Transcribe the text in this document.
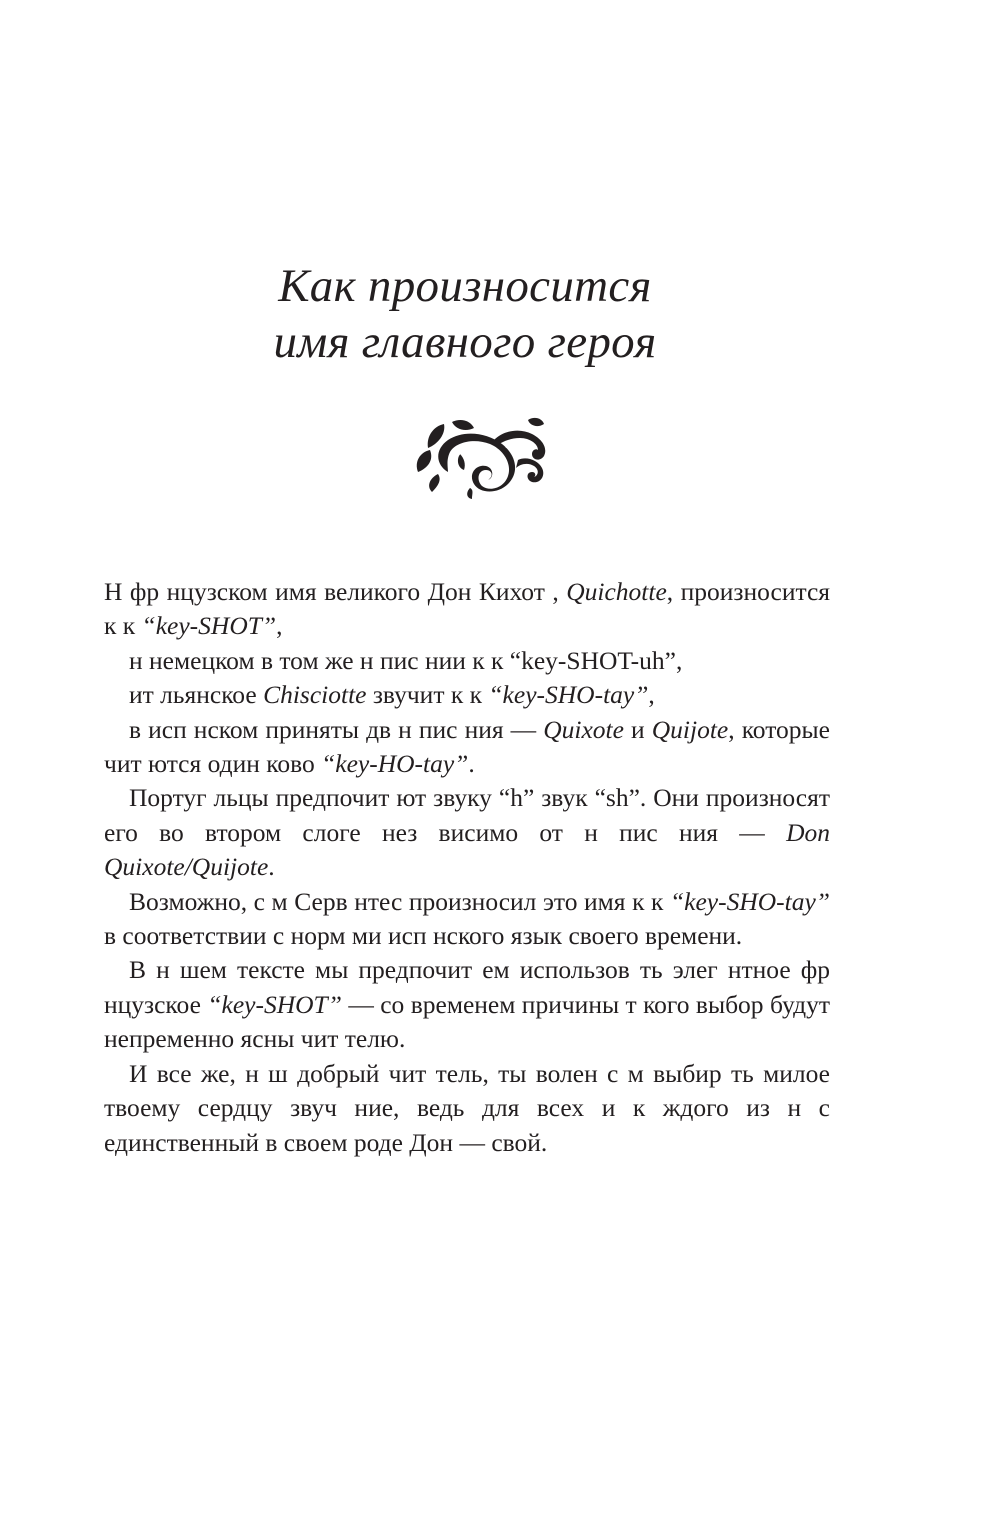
Как произносится
имя главного героя

Н фр нцузском имя великого Дон Кихот , Quichotte, произносится к к “key-SHOT”,

н немецком в том же н пис нии к к “key-SHOT-uh”,

ит льянское Chisciotte звучит к к “key-SHO-tay”,

в исп нском приняты дв н пис ния — Quixote и Quijote, которые чит ются один ково “key-HO-tay”.

Португ льцы предпочит ют звуку “h” звук “sh”. Они произносят его во втором слоге нез висимо от н пис ния — Don Quixote/Quijote.

Возможно, с м Серв нтес произносил это имя к к “key-SHO-tay” в соответствии с норм ми исп нского язык своего времени.

В н шем тексте мы предпочит ем использов ть элег нтное фр нцузское “key-SHOT” — со временем причины т кого выбор будут непременно ясны чит телю.

И все же, н ш добрый чит тель, ты волен с м выбир ть милое твоему сердцу звуч ние, ведь для всех и к ждого из н с единственный в своем роде Дон — свой.
